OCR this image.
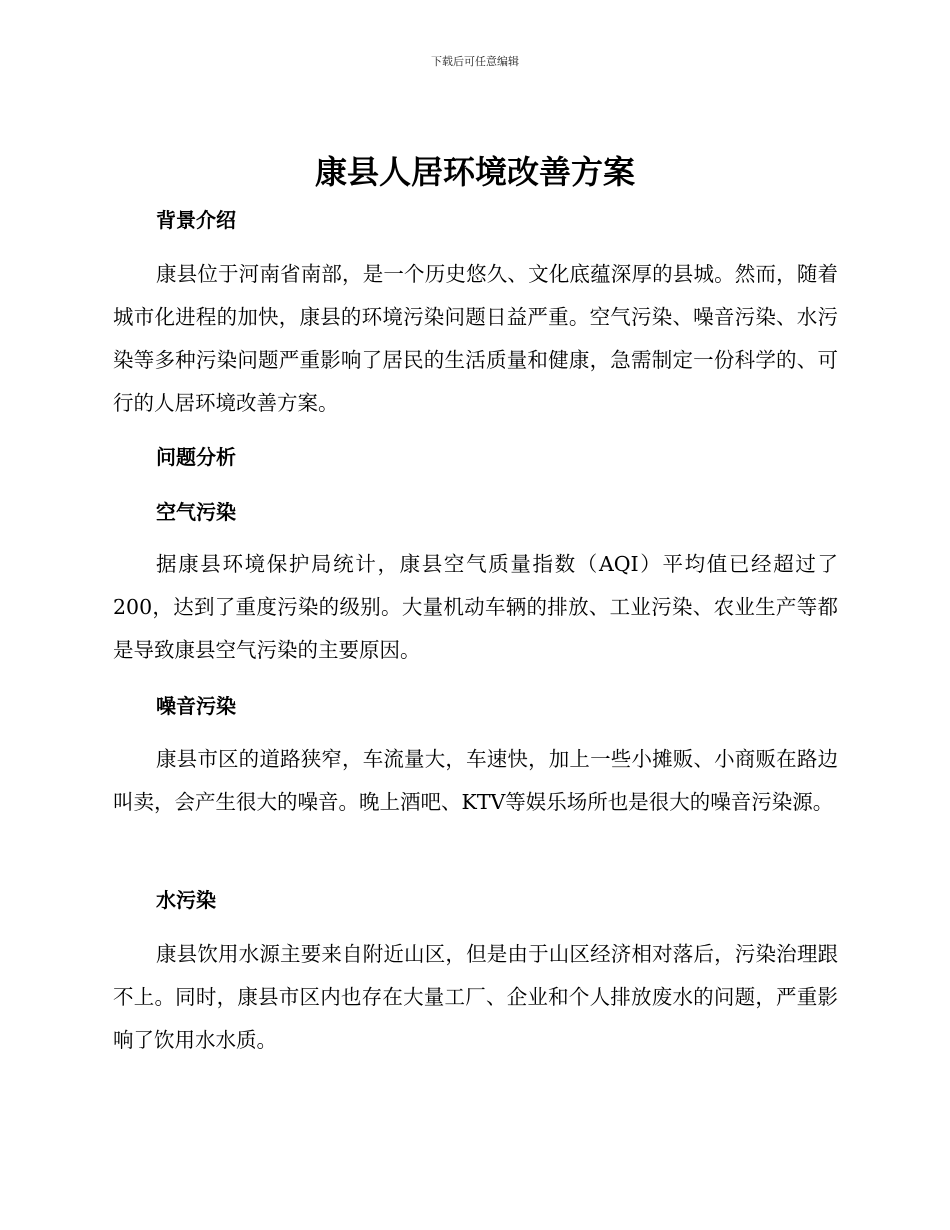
下载后可任意编辑
康县人居环境改善方案
背景介绍

康县位于河南省南部，是一个历史悠久、文化底蕴深厚的县城。然而，随着城市化进程的加快，康县的环境污染问题日益严重。空气污染、噪音污染、水污染等多种污染问题严重影响了居民的生活质量和健康，急需制定一份科学的、可行的人居环境改善方案。

问题分析
空气污染

据康县环境保护局统计，康县空气质量指数（AQI）平均值已经超过了200，达到了重度污染的级别。大量机动车辆的排放、工业污染、农业生产等都是导致康县空气污染的主要原因。

噪音污染

康县市区的道路狭窄，车流量大，车速快，加上一些小摊贩、小商贩在路边叫卖，会产生很大的噪音。晚上酒吧、KTV等娱乐场所也是很大的噪音污染源。

水污染

康县饮用水源主要来自附近山区，但是由于山区经济相对落后，污染治理跟不上。同时，康县市区内也存在大量工厂、企业和个人排放废水的问题，严重影响了饮用水水质。
